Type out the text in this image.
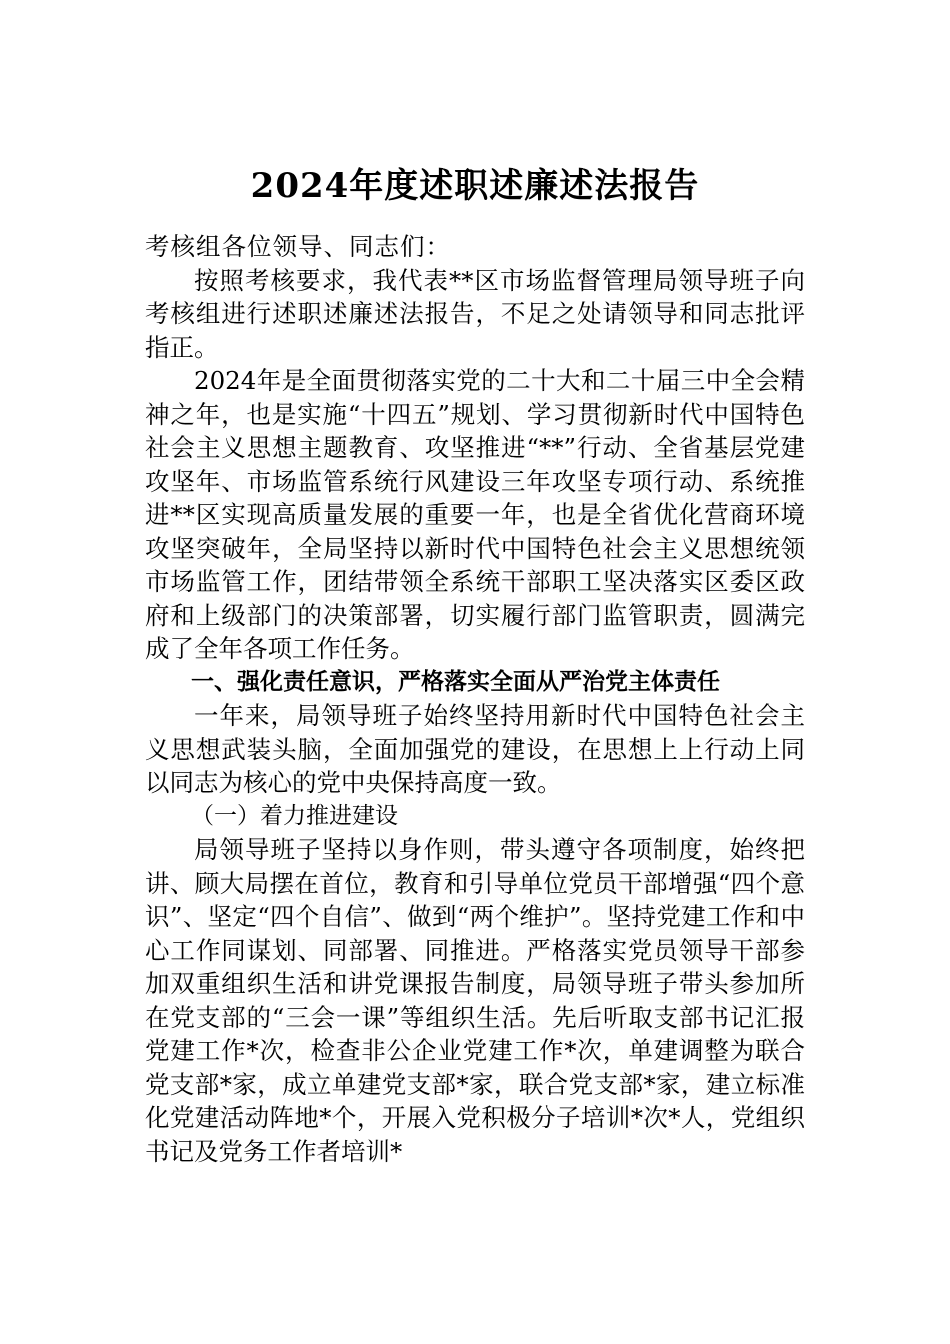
2024年度述职述廉述法报告

考核组各位领导、同志们：

按照考核要求，我代表**区市场监督管理局领导班子向考核组进行述职述廉述法报告，不足之处请领导和同志批评指正。

2024年是全面贯彻落实党的二十大和二十届三中全会精神之年，也是实施“十四五”规划、学习贯彻新时代中国特色社会主义思想主题教育、攻坚推进“**”行动、全省基层党建攻坚年、市场监管系统行风建设三年攻坚专项行动、系统推进**区实现高质量发展的重要一年，也是全省优化营商环境攻坚突破年，全局坚持以新时代中国特色社会主义思想统领市场监管工作，团结带领全系统干部职工坚决落实区委区政府和上级部门的决策部署，切实履行部门监管职责，圆满完成了全年各项工作任务。

一、强化责任意识，严格落实全面从严治党主体责任

一年来，局领导班子始终坚持用新时代中国特色社会主义思想武装头脑，全面加强党的建设，在思想上上行动上同以同志为核心的党中央保持高度一致。

（一）着力推进建设

局领导班子坚持以身作则，带头遵守各项制度，始终把讲、顾大局摆在首位，教育和引导单位党员干部增强“四个意识”、坚定“四个自信”、做到“两个维护”。坚持党建工作和中心工作同谋划、同部署、同推进。严格落实党员领导干部参加双重组织生活和讲党课报告制度，局领导班子带头参加所在党支部的“三会一课”等组织生活。先后听取支部书记汇报党建工作*次，检查非公企业党建工作*次，单建调整为联合党支部*家，成立单建党支部*家，联合党支部*家，建立标准化党建活动阵地*个，开展入党积极分子培训*次*人，党组织书记及党务工作者培训*
